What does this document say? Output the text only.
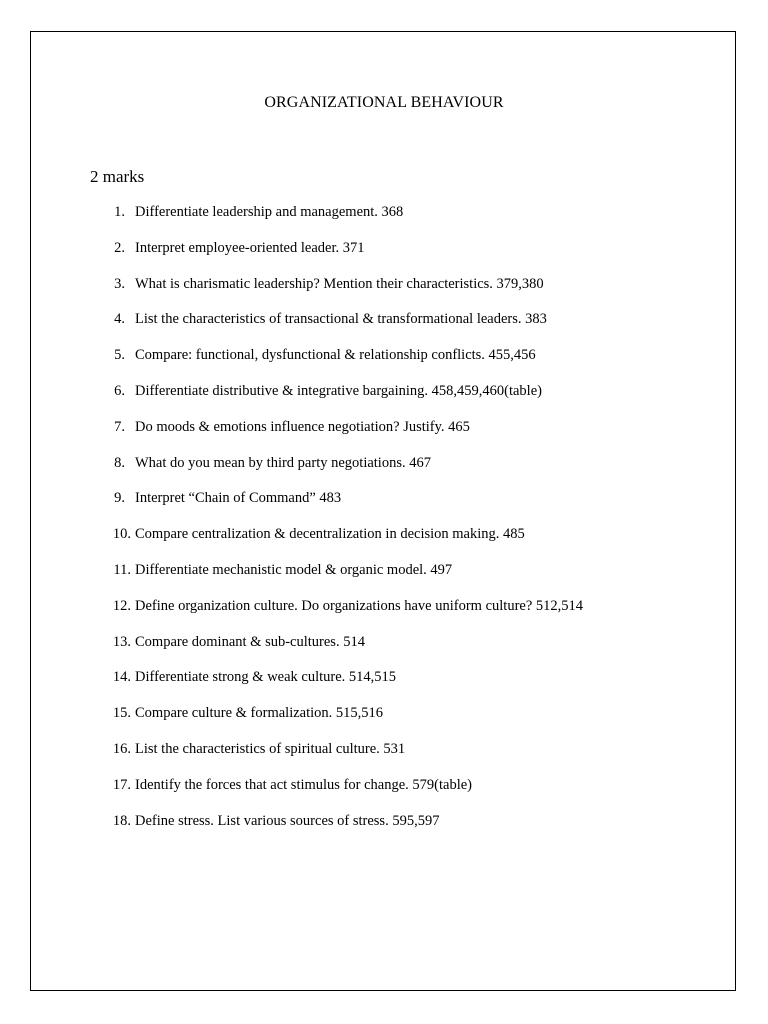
ORGANIZATIONAL BEHAVIOUR
2 marks
1. Differentiate leadership and management. 368
2. Interpret employee-oriented leader. 371
3. What is charismatic leadership? Mention their characteristics. 379,380
4. List the characteristics of transactional & transformational leaders. 383
5. Compare: functional, dysfunctional & relationship conflicts. 455,456
6. Differentiate distributive & integrative bargaining. 458,459,460(table)
7. Do moods & emotions influence negotiation? Justify. 465
8. What do you mean by third party negotiations. 467
9. Interpret “Chain of Command” 483
10. Compare centralization & decentralization in decision making. 485
11. Differentiate mechanistic model & organic model. 497
12. Define organization culture. Do organizations have uniform culture? 512,514
13. Compare dominant & sub-cultures. 514
14. Differentiate strong & weak culture. 514,515
15. Compare culture & formalization. 515,516
16. List the characteristics of spiritual culture. 531
17. Identify the forces that act stimulus for change. 579(table)
18. Define stress. List various sources of stress. 595,597
